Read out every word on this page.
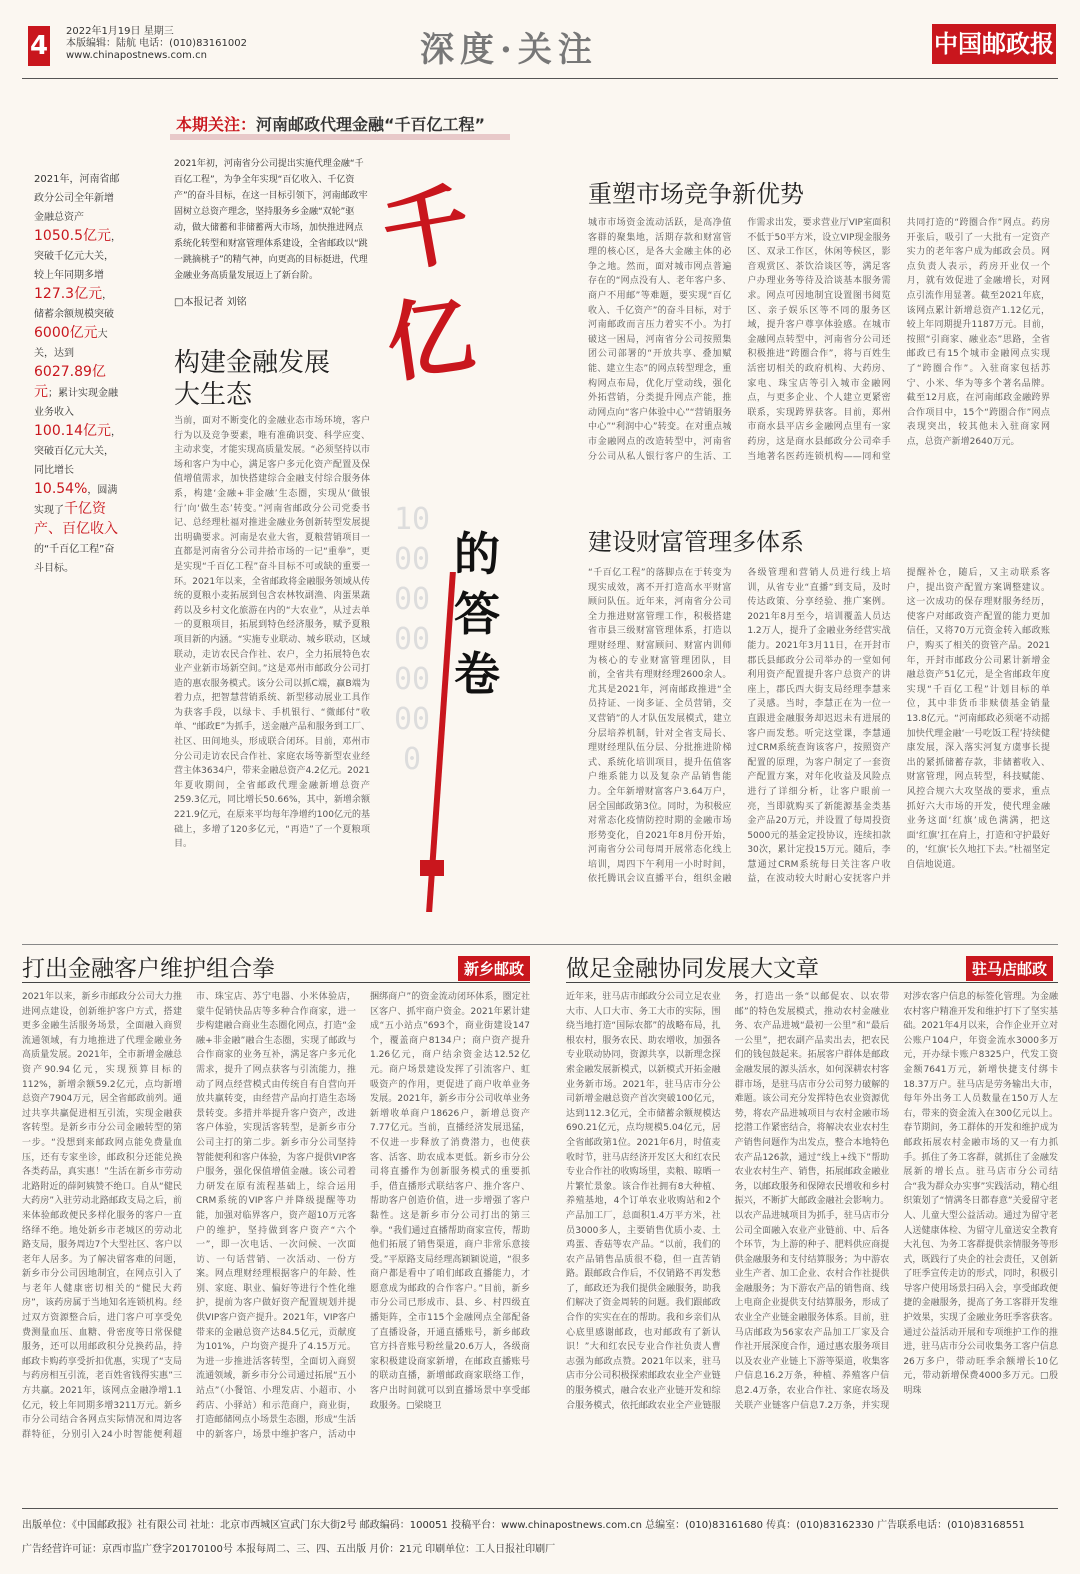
4 2022年1月19日 星期三
本版编辑：陆航 电话：(010)83161002
www.chinapostnews.com.cn	深度·关注	中国邮政报
本期关注：河南邮政代理金融“千百亿工程”
2021年，河南省邮政分公司全年新增金融总资产1050.5亿元，突破千亿元大关，较上年同期多增127.3亿元，储蓄余额规模突破6000亿元大关，达到6027.89亿元；累计实现金融业务收入100.14亿元，突破百亿元大关，同比增长10.54%，圆满实现了千亿资产、百亿收入的“千百亿工程”奋斗目标。
2021年初，河南省分公司提出实施代理金融“千百亿工程”，为争全年实现“百亿收入、千亿资产”的奋斗目标，在这一目标引领下，河南邮政牢固树立总资产理念，坚持服务乡金融“双轮”驱动，做大储蓄和非储蓄两大市场，加快推进网点系统化转型和财富管理体系建设，全省邮政以“跳一跳摘桃子”的精气神，向更高的目标挺进，代理金融业务高质量发展迈上了新台阶。
□本报记者 刘铭
构建金融发展
大生态
当前，面对不断变化的金融业态市场环境，客户行为以及竞争要素，唯有准确识变、科学应变、主动求变，才能实现高质量发展。“必须坚持以市场和客户为中心，满足客户多元化资产配置及保值增值需求，加快搭建综合金融支付综合服务体系，构建‘金融+非金融’生态圈，实现从‘做银行’向‘做生态’转变。”河南省邮政分公司党委书记、总经理杜福对推进金融业务创新转型发展提出明确要求。河南是农业大省，夏粮营销项目一直都是河南省分公司井拾市场的一记“重拳”，更是实现“千百亿工程”奋斗目标不可或缺的重要一环。2021年以来，全省邮政将金融服务领域从传统的夏粮小麦拓展到包含农林牧副渔、肉蛋果蔬药以及乡村文化旅游在内的“大农业”，从过去单一的夏粮项目，拓展到特色经济服务，赋予夏粮项目新的内涵。“实施专业联动、城乡联动，区域联动，走访农民合作社、农户，全力拓展特色农业产业新市场新空间。”这是邓州市邮政分公司打造的惠农服务模式。该分公司以抓C端，赢B端为着力点，把智慧营销系统、新型移动展业工具作为获客手段，以绿卡、手机银行、“微邮付”收单、“邮政E”为抓手，送金融产品和服务到工厂、社区、田间地头，形成联合闭环。目前，邓州市分公司走访农民合作社、家庭农场等新型农业经营主体3634户，带来金融总资产4.2亿元。2021年夏收期间，全省邮政代理金融新增总资产259.3亿元，同比增长50.66%，其中，新增余额221.9亿元，在原来平均每年净增约100亿元的基础上，多增了120多亿元，“再造”了一个夏粮项目。
千
亿
1000000000000
的
答
卷
重塑市场竞争新优势
城市市场资金流动活跃，是高净值客群的聚集地，活期存款和财富管理的核心区，是各大金融主体的必争之地。然而，面对城市网点普遍存在的“网点没有人、老年客户多、商户不用邮”等难题，要实现“百亿收入、千亿资产”的奋斗目标，对于河南邮政而言压力着实不小。为打破这一困局，河南省分公司按照集团公司部署的“开放共享、叠加赋能、建立生态”的网点转型理念，重构网点布局，优化厅堂动线，强化外拓营销，分类提升网点产能，推动网点向“客户体验中心”“营销服务中心”“利润中心”转变。在对重点城市金融网点的改造转型中，河南省分公司从私人银行客户的生活、工作需求出发，要求营业厅VIP室面积不低于50平方米，设立VIP现金服务区、双录工作区，休闲等候区，影音观赏区、茶饮洽谈区等，满足客户办理业务等待及洽谈基本服务需求。网点可因地制宜设置图书阅览区、亲子娱乐区等不同的服务区域，提升客户尊享体验感。在城市金融网点转型中，河南省分公司还积极推进“跨圈合作”，将与百姓生活密切相关的政府机构、大药房、家电、珠宝店等引入城市金融网点，与更多企业、个人建立更紧密联系，实现跨界获客。目前，郑州市商水县平店乡金融网点里有一家药房，这是商水县邮政分公司牵手当地著名医药连锁机构——同和堂共同打造的“跨圈合作”网点。药房开张后，吸引了一大批有一定资产实力的老年客户成为邮政会员。网点负责人表示，药房开业仅一个月，就有效促进了金融增长，对网点引流作用显著。截至2021年底，该网点累计新增总资产1.12亿元，较上年同期提升1187万元。目前，按照“引商家、融业态”思路，全省邮政已有15个城市金融网点实现了“跨圈合作”。入驻商家包括苏宁、小米、华为等多个著名品牌。截至12月底，在河南邮政金融跨界合作项目中，15个“跨圈合作”网点表现突出，较其他未入驻商家网点，总资产新增2640万元。
建设财富管理多体系
“千百亿工程”的落脚点在于转变为现实成效，离不开打造高水平财富顾问队伍。近年来，河南省分公司全力推进财富管理工作，积极搭建省市县三级财富管理体系，打造以理财经理、财富顾问、财富内训师为核心的专业财富管理团队，目前，全省共有理财经理2600余人。尤其是2021年，河南邮政推进“全员持证、一岗多证、全员营销，交叉营销”的人才队伍发展模式，建立分层培养机制，针对全省支局长、理财经理队伍分层、分批推进阶梯式、系统化培训项目，提升伍值客户维系能力以及复杂产品销售能力。全年新增财富客户3.64万户，居全国邮政第3位。同时，为积极应对常态化疫情防控时期的金融市场形势变化，自2021年8月份开始，河南省分公司每周开展常态化线上培训，周四下午利用一小时时间，依托腾讯会议直播平台，组织金融各级管理和营销人员进行线上培训，从省专业“直播”到支局，及时传达政策、分享经验、推广案例。2021年8月至今，培训覆盖人员达1.2万人，提升了金融业务经营实战能力。2021年3月11日，在开封市郡氏县邮政分公司举办的一堂如何利用资产配置提升客户总资产的讲座上，郡氏西大街支局经理李慧来了灵感。当时，李慧正在为一位一直跟进金融服务却迟迟未有进展的客户而发愁。听完这堂课，李慧通过CRM系统查询该客户，按照资产配置的原理，为客户制定了一套资产配置方案，对年化收益及风险点进行了详细分析，让客户眼前一亮，当即就购买了新能源基金类基金产品20万元，并设置了每周投资5000元的基金定投协议，连续扣款30次，累计定投15万元。随后，李慧通过CRM系统每日关注客户收益，在波动较大时耐心安抚客户并提醒补仓，随后，又主动联系客户，提出资产配置方案调整建议。这一次成功的保存理财服务经历，使客户对邮政资产配置的能力更加信任，又将70万元资金转入邮政账户，购买了相关的资管产品。2021年，开封市邮政分公司累计新增金融总资产51亿元，是全省邮政年度实现“千百亿工程”计划目标的单位，其中非货币非赎债基金销量13.8亿元。“河南邮政必须毫不动摇加快代理金融‘一号吃饭工程’持续健康发展，深入落实河复方虞事长提出的紧抓储蓄存款，非储蓄收入、财富管理，网点转型，科技赋能、风控合规六大攻坚战的要求，重点抓好六大市场的开发，使代理金融业务这面‘红旗’成色满满，把这面‘红旗’扛在肩上，打造和守护最好的，‘红旗’长久地扛下去。”杜福坚定自信地说道。
打出金融客户维护组合拳	新乡邮政
2021年以来，新乡市邮政分公司大力推进网点建设，创新维护客户方式，搭建更多金融生活服务场景，全面融入商贸流通领域，有力地推进了代理金融业务高质量发展。2021年，全市新增金融总资产90.94亿元，实现预算目标的112%，新增余额59.2亿元，点均新增总资产7904万元，居全省邮政前列。通过共享共赢促进相互引流，实现金融获客转型。是新乡市分公司金融转型的第一步。“没想到来邮政网点能免费量血压，还有专家坐诊，邮政积分还能兑换各类药品，真实惠！”生活在新乡市劳动北路附近的薛阿姨赞不绝口。自从“健民大药房”入驻劳动北路邮政支局之后，前来体验邮政便民多样化服务的客户一直络绎不绝。地处新乡市老城区的劳动北路支局，服务周边7个大型社区、客户以老年人居多。为了解决留客难的问题，新乡市分公司因地制宜，在网点引入了与老年人健康密切相关的“健民大药房”，该药房属于当地知名连锁机构。经过双方资源整合后，进门客户可享受免费测量血压、血糖、骨密度等日常保健服务，还可以用邮政积分兑换药品，持邮政卡购药享受折扣优惠，实现了“支局与药房相互引流，老百姓省钱得实惠”三方共赢。2021年，该网点金融净增1.1亿元，较上年同期多增3211万元。新乡市分公司结合各网点实际情况和周边客群特征，分别引入24小时智能便利超市、珠宝店、苏宁电器、小米体验店，蒙牛促销快品店等多种合作商家，进一步构建融合商业生态圈化网点，打造“金融+非金融”融合生态圈，实现了邮政与合作商家的业务互补，满足客户多元化需求，提升了网点获客与引流能力，推动了网点经营模式由传统自有自营向开放共赢转变，由经营产品向打造生态场景转变。多措并举提升客户资产，改进客户体验，实现活客转型，是新乡市分公司主打的第二步。新乡市分公司坚持智能便利和客户体验，为客户提供VIP客户服务，强化保值增值金融。该公司着力研发在原有流程基础上，综合运用CRM系统的VIP客户并降级提醒等功能，加强对临界客户，资产超10万元客户的维护，坚持做到客户资产“六个一”，即一次电话、一次问候、一次面访、一句话营销、一次活动、一份方案。网点理财经理根据客户的年龄、性别、家庭、职业、偏好等进行个性化维护，提前为客户做好资产配置规划并提供VIP客户资产提升。2021年，VIP客户带来的金融总资产达84.5亿元，贡献度为101%，户均资产提升了4.15万元。为进一步推进活客转型，全面切入商贸流通领域，新乡市分公司通过拓展“五小站点”（小餐馆、小理发店、小超市、小药店、小驿站）和示范商户，商业街，打造邮储网点小场景生态圈，形成“生活中的新客户，场景中维护客户，活动中捆绑商户”的资金流动闭环体系，圈定社区客户、抓牢商户资金。2021年累计建成“五小站点”693个，商业街建设147个，覆盖商户8134户；商户资产提升1.26亿元，商户结余资金达12.52亿元。商户场景建设发挥了引流客户、虹吸资产的作用，更促进了商户收单业务发展。2021年，新乡市分公司收单业务新增收单商户18626户，新增总资产7.77亿元。当前，直播经济发展迅猛，不仅进一步释放了消费潜力，也使获客、活客、助农成本更低。新乡市分公司将直播作为创新服务模式的重要抓手，借直播形式联结客户、推介客户、帮助客户创造价值，进一步增强了客户黏性。这是新乡市分公司打出的第三拳。“我们通过直播帮助商家宣传，帮助他们拓展了销售渠道，商户非常乐意接受。”平原路支局经理高颖颖说道，“很多商户都是看中了咱们邮政直播能力，才愿意成为邮政的合作客户。”目前，新乡市分公司已形成市、县、乡、村四级直播矩阵，全市115个金融网点全部配备了直播设备，开通直播账号，新乡邮政官方抖音账号粉丝量20.6万人，各级商家积极建设商家新增，在邮政直播账号的联动直播，新增邮政商家联络工作，客户出时间就可以到直播场景中享受邮政服务。□梁晓卫
做足金融协同发展大文章	驻马店邮政
近年来，驻马店市邮政分公司立足农业大市、人口大市、务工大市的实际，围绕当地打造“国际农都”的战略布局，扎根农村，服务农民、助农增收，加强各专业联动协同，资源共享，以新理念探索金融发展新模式，以新模式开拓金融业务新市场。2021年，驻马店市分公司新增金融总资产首次突破100亿元，达到112.3亿元，全市储蓄余额规模达690.21亿元，点均规模5.04亿元，居全省邮政第1位。2021年6月，时值麦收时节，驻马店经济开发区大和红农民专业合作社的收购场里，卖粮、晾晒一片繁忙景象。该合作社拥有8大种植、养殖基地，4个订单农业收购站和2个产品加工厂，总面积1.4万平方米，社员3000多人，主要销售优质小麦、土鸡蛋、香菇等农产品。“以前，我们的农产品销售品质很不稳，但一直苦销路。跟邮政合作后，不仅销路不再发愁了，邮政还为我们提供金融服务，助我们解决了资金周转的问题。我们跟邮政合作的实实在在的帮助。我和乡亲们从心底里感谢邮政，也对邮政有了新认识！”大和红农民专业合作社负责人曹志强为邮政点赞。2021年以来，驻马店市分公司积极探索邮政农业全产业链的服务模式，融合农业产业链开发和综合服务模式，依托邮政农业全产业链服务，打造出一条“以邮促农、以农带邮”的特色发展模式，推动农村金融业务、农产品进城“最初一公里”和“最后一公里”，把农副产品卖出去，把农民们的钱包鼓起来。拓展客户群体是邮政金融发展的源头活水，如何深耕农村客群市场，是驻马店市分公司努力破解的难题。该公司充分发挥特色农业资源优势，将农产品进城项目与农村金融市场挖潜工作紧密结合，将解决农业农村生产销售问题作为出发点，整合本地特色农产品126款，通过“线上+线下”帮助农业农村生产、销售，拓展邮政金融业务，以邮政服务和保障农民增收和乡村振兴，不断扩大邮政金融社会影响力。以农产品进城项目为抓手，驻马店市分公司全面融入农业产业链前、中、后各个环节，为上游的种子、肥料供应商提供金融服务和支付结算服务；为中游农业生产者、加工企业、农村合作社提供金融服务；为下游农产品的销售商、线上电商企业提供支付结算服务，形成了农业全产业链金融服务体系。目前，驻马店邮政为56家农产品加工厂家及合作社开展深度合作，通过惠农服务项目以及农业产业链上下游等渠道，收集客户信息16.2万条，种植、养殖客户信息2.4万条，农业合作社、家庭农场及关联产业链客户信息7.2万条，并实现对涉农客户信息的标签化管理。为金融农村客户精准开发和维护打下了坚实基础。2021年4月以来，合作企业开立对公账户104户，年资金流水3000多万元，开办绿卡账户8325户，代发工资金额7641万元，新增快捷支付绑卡18.37万户。驻马店是劳务输出大市，每年外出务工人员数量在150万人左右，带来的资金流入在300亿元以上。春节期间，务工群体的开发和维护成为邮政拓展农村金融市场的又一有力抓手。抓住了务工客群，就抓住了金融发展新的增长点。驻马店市分公司结合“我为群众办实事”实践活动，精心组织策划了“情满冬日都春意”关爱留守老人、儿童大型公益活动。通过为留守老人送健康体检、为留守儿童送安全教育大礼包、为务工客群提供亲情服务等形式，既践行了央企的社会责任，又创新了旺季宣传走访的形式，同时，积极引导客户使用场景扫码入会，享受邮政便捷的金融服务，提高了务工客群开发维护效果，实现了金融业务旺季客获客。通过公益活动开展和专项维护工作的推进，驻马店市分公司收集务工客户信息26万多户，带动旺季余额增长10亿元，带动新增保费4000多万元。□殷明珠
出版单位：《中国邮政报》社有限公司 社址：北京市西城区宣武门东大街2号 邮政编码：100051 投稿平台：www.chinapostnews.com.cn 总编室：(010)83161680 传真：(010)83162330 广告联系电话：(010)83168551
广告经营许可证：京西市监广登字20170100号 本报每周二、三、四、五出版 月价：21元 印刷单位：工人日报社印刷厂
